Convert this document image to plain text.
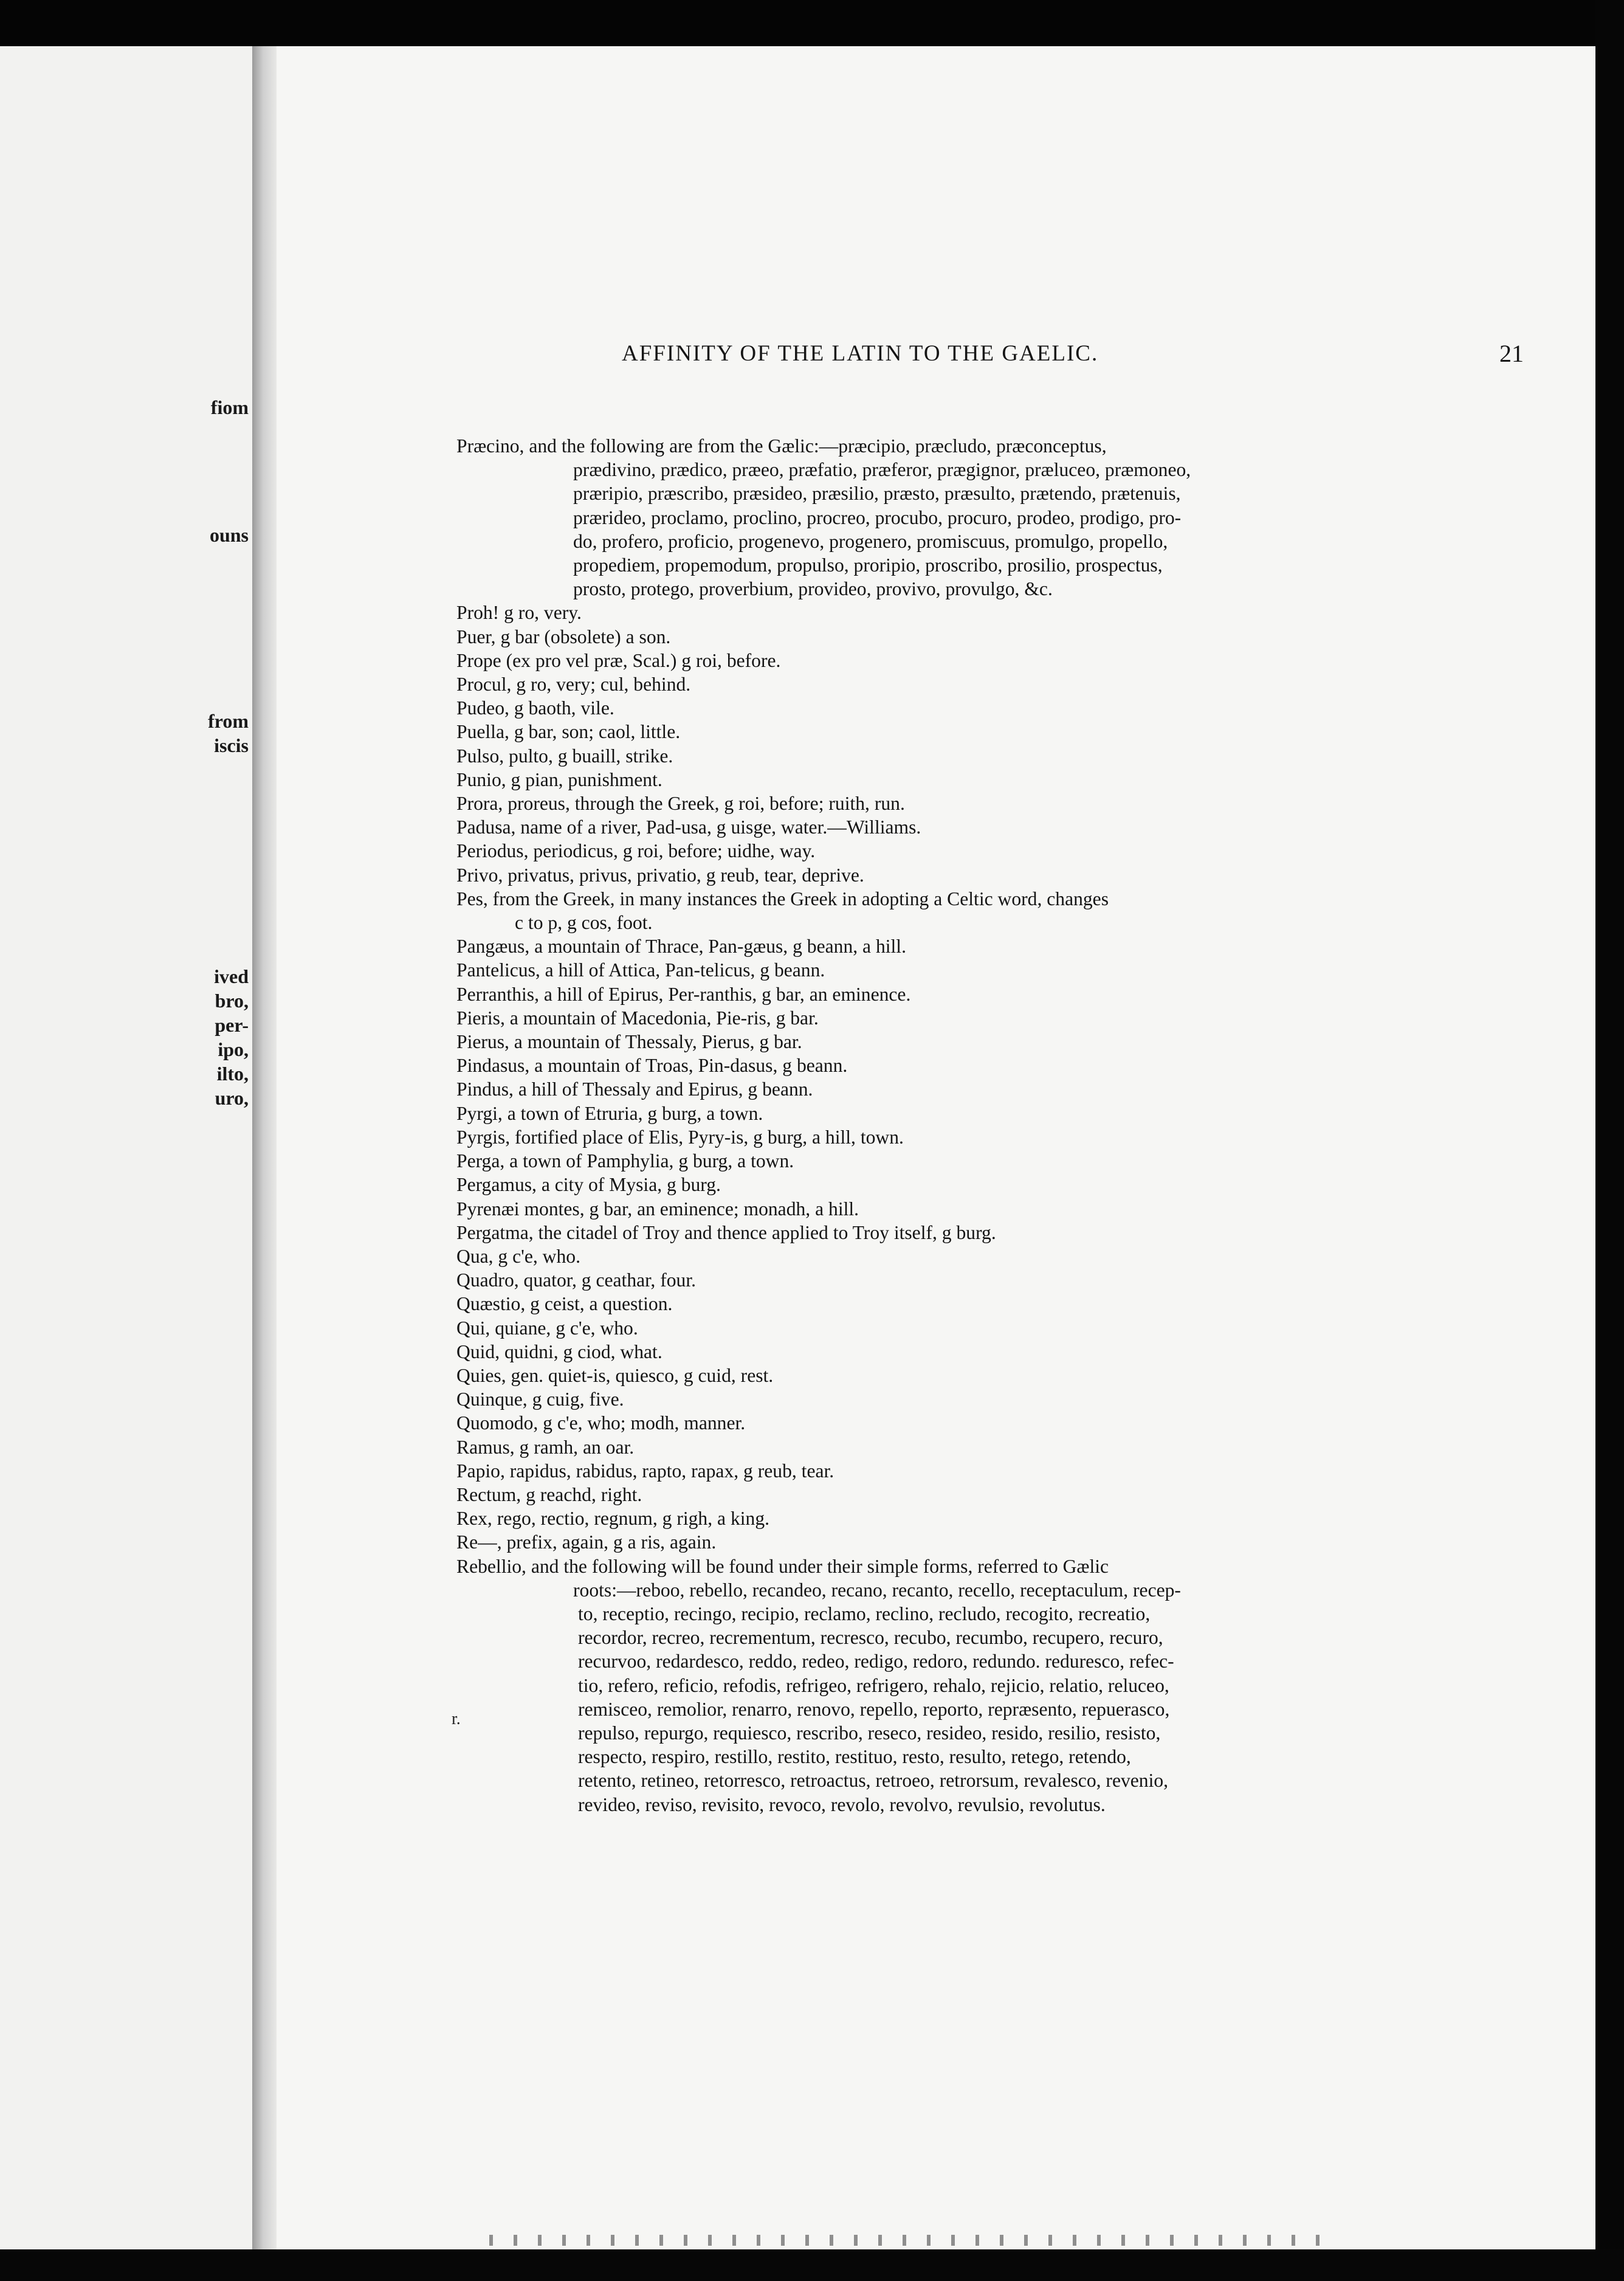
fiom
ouns
from
iscis
ived
bro,
per-
ipo,
ilto,
uro,
AFFINITY OF THE LATIN TO THE GAELIC.	21

Præcino, and the following are from the Gælic:—præcipio, præcludo, præconceptus,
prædivino, prædico, præeo, præfatio, præferor, prægignor, præluceo, præmoneo,
præripio, præscribo, præsideo, præsilio, præsto, præsulto, prætendo, prætenuis,
prærideo, proclamo, proclino, procreo, procubo, procuro, prodeo, prodigo, pro-
do, profero, proficio, progenevo, progenero, promiscuus, promulgo, propello,
propediem, propemodum, propulso, proripio, proscribo, prosilio, prospectus,
prosto, protego, proverbium, provideo, provivo, provulgo, &c.

Proh! g ro, very.

Puer, g bar (obsolete) a son.

Prope (ex pro vel præ, Scal.) g roi, before.

Procul, g ro, very; cul, behind.

Pudeo, g baoth, vile.

Puella, g bar, son; caol, little.

Pulso, pulto, g buaill, strike.

Punio, g pian, punishment.

Prora, proreus, through the Greek, g roi, before; ruith, run.

Padusa, name of a river, Pad-usa, g uisge, water.—Williams.

Periodus, periodicus, g roi, before; uidhe, way.

Privo, privatus, privus, privatio, g reub, tear, deprive.

Pes, from the Greek, in many instances the Greek in adopting a Celtic word, changes

c to p, g cos, foot.

Pangæus, a mountain of Thrace, Pan-gæus, g beann, a hill.

Pantelicus, a hill of Attica, Pan-telicus, g beann.

Perranthis, a hill of Epirus, Per-ranthis, g bar, an eminence.

Pieris, a mountain of Macedonia, Pie-ris, g bar.

Pierus, a mountain of Thessaly, Pierus, g bar.

Pindasus, a mountain of Troas, Pin-dasus, g beann.

Pindus, a hill of Thessaly and Epirus, g beann.

Pyrgi, a town of Etruria, g burg, a town.

Pyrgis, fortified place of Elis, Pyry-is, g burg, a hill, town.

Perga, a town of Pamphylia, g burg, a town.

Pergamus, a city of Mysia, g burg.

Pyrenæi montes, g bar, an eminence; monadh, a hill.

Pergatma, the citadel of Troy and thence applied to Troy itself, g burg.

Qua, g c'e, who.

Quadro, quator, g ceathar, four.

Quæstio, g ceist, a question.

Qui, quiane, g c'e, who.

Quid, quidni, g ciod, what.

Quies, gen. quiet-is, quiesco, g cuid, rest.

Quinque, g cuig, five.

Quomodo, g c'e, who; modh, manner.

Ramus, g ramh, an oar.

Papio, rapidus, rabidus, rapto, rapax, g reub, tear.

Rectum, g reachd, right.

Rex, rego, rectio, regnum, g righ, a king.

Re—, prefix, again, g a ris, again.

Rebellio, and the following will be found under their simple forms, referred to Gælic
roots:—reboo, rebello, recandeo, recano, recanto, recello, receptaculum, recep-
to, receptio, recingo, recipio, reclamo, reclino, recludo, recogito, recreatio,
recordor, recreo, recrementum, recresco, recubo, recumbo, recupero, recuro,
recurvoo, redardesco, reddo, redeo, redigo, redoro, redundo. reduresco, refec-
tio, refero, reficio, refodis, refrigeo, refrigero, rehalo, rejicio, relatio, reluceo,
remisceo, remolior, renarro, renovo, repello, reporto, repræsento, repuerasco,
repulso, repurgo, requiesco, rescribo, reseco, resideo, resido, resilio, resisto,
respecto, respiro, restillo, restito, restituo, resto, resulto, retego, retendo,
retento, retineo, retorresco, retroactus, retroeo, retrorsum, revalesco, revenio,
revideo, reviso, revisito, revoco, revolo, revolvo, revulsio, revolutus.

r.
